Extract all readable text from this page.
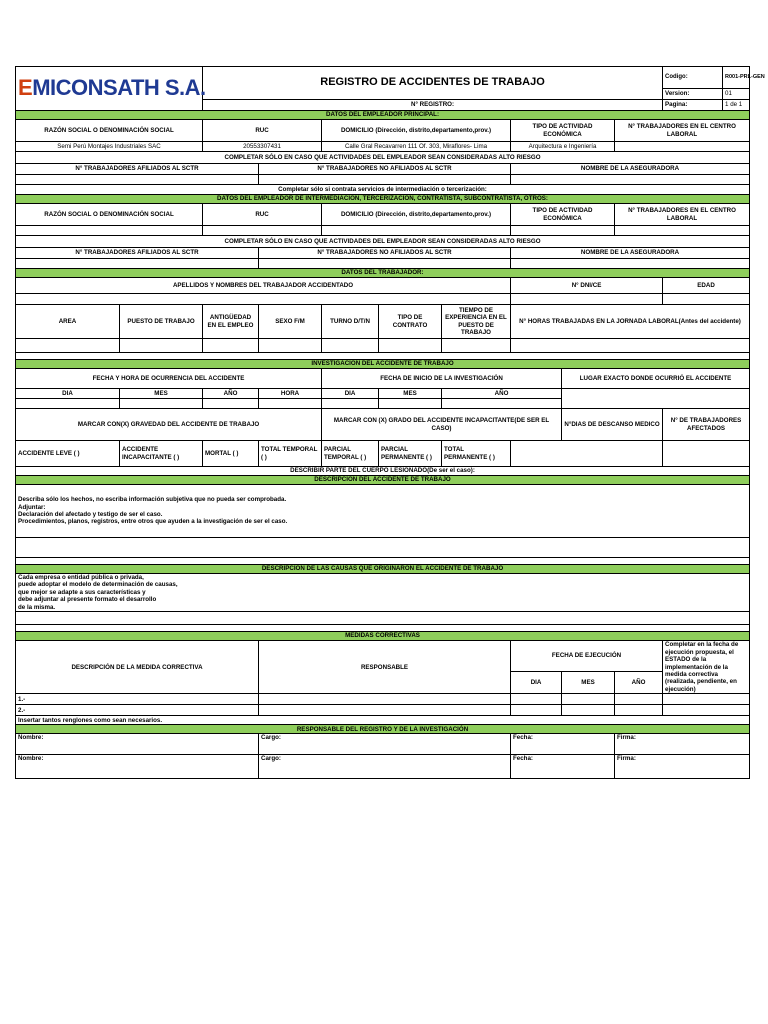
EMICONSATH S.A.		REGISTRO DE ACCIDENTES DE TRABAJO								Codigo:	R001-PRL-GEN
										Version:	01
		N° REGISTRO:								Pagina:	1 de 1
DATOS DEL EMPLEADOR PRINCIPAL:											
RAZÓN SOCIAL O DENOMINACIÓN SOCIAL		RUC		DOMICILIO (Dirección, distrito,departamento,prov.)			TIPO DE ACTIVIDAD ECONÓMICA		N° TRABAJADORES EN EL CENTRO LABORAL		
Semi Perú Montajes Industriales SAC		20553307431		Calle Gral Recavarren 111 Of. 303, Miraflores- Lima			Arquitectura e Ingeniería				
COMPLETAR SÓLO EN CASO QUE ACTIVIDADES DEL EMPLEADOR SEAN CONSIDERADAS ALTO RIESGO											
N° TRABAJADORES AFILIADOS AL SCTR			N° TRABAJADORES NO AFILIADOS AL SCTR				NOMBRE DE LA ASEGURADORA				

Completar sólo si contrata servicios de intermediación o tercerización:											
DATOS DEL EMPLEADOR DE INTERMEDIACIÓN, TERCERIZACIÓN, CONTRATISTA, SUBCONTRATISTA, OTROS:											
RAZÓN SOCIAL O DENOMINACIÓN SOCIAL		RUC		DOMICILIO (Dirección, distrito,departamento,prov.)			TIPO DE ACTIVIDAD ECONÓMICA		N° TRABAJADORES EN EL CENTRO LABORAL		

COMPLETAR SÓLO EN CASO QUE ACTIVIDADES DEL EMPLEADOR SEAN CONSIDERADAS ALTO RIESGO											
N° TRABAJADORES AFILIADOS AL SCTR			N° TRABAJADORES NO AFILIADOS AL SCTR				NOMBRE DE LA ASEGURADORA				

DATOS DEL TRABAJADOR:											
APELLIDOS Y NOMBRES DEL TRABAJADOR ACCIDENTADO							N° DNI/CE			EDAD	

AREA	PUESTO DE TRABAJO	ANTIGÜEDAD EN EL EMPLEO	SEXO F/M	TURNO D/T/N	TIPO DE CONTRATO	TIEMPO DE EXPERIENCIA EN EL PUESTO DE TRABAJO	N° HORAS TRABAJADAS EN LA JORNADA LABORAL(Antes del accidente)				

INVESTIGACION DEL ACCIDENTE DE TRABAJO											
FECHA Y HORA DE OCURRENCIA DEL ACCIDENTE				FECHA DE INICIO DE LA INVESTIGACIÓN				LUGAR EXACTO DONDE OCURRIÓ EL ACCIDENTE			
DIA	MES	AÑO	HORA	DIA	MES	AÑO					

MARCAR CON(X) GRAVEDAD DEL ACCIDENTE DE TRABAJO				MARCAR CON (X) GRADO DEL ACCIDENTE INCAPACITANTE(DE SER EL CASO)				N°DIAS DE DESCANSO MEDICO		N° DE TRABAJADORES AFECTADOS	
ACCIDENTE LEVE ( )	ACCIDENTE INCAPACITANTE ( )	MORTAL ( )	TOTAL TEMPORAL ( )	PARCIAL TEMPORAL ( )	PARCIAL PERMANENTE ( )	TOTAL PERMANENTE ( )					
DESCRIBIR PARTE DEL CUERPO LESIONADO(De ser el caso):											
DESCRIPCIÓN DEL ACCIDENTE DE TRABAJO											

Describa sólo los hechos, no escriba información subjetiva que no pueda ser comprobada.
Adjuntar:
Declaración del afectado y testigo de ser el caso.
Procedimientos, planos, registros, entre otros que ayuden a la investigación de ser el caso.											

DESCRIPCIÓN DE LAS CAUSAS QUE ORIGINARON EL ACCIDENTE DE TRABAJO											

Cada empresa o entidad pública o privada,
puede adoptar el modelo de determinación de causas,
que mejor se adapte a sus características y
debe adjuntar al presente formato el desarrollo
de la misma.											

MEDIDAS CORRECTIVAS											
DESCRIPCIÓN DE LA MEDIDA CORRECTIVA			RESPONSABLE				FECHA DE EJECUCIÓN			Completar en la fecha de ejecución propuesta, el ESTADO de la implementación de la medida correctiva (realizada, pendiente, en ejecución)	
							DIA	MES	AÑO		
1.-											
2.-											
Insertar tantos renglones como sean necesarios.											
RESPONSABLE DEL REGISTRO Y DE LA INVESTIGACIÓN											
Nombre:			Cargo:				Fecha:		Firma:		
Nombre:			Cargo:				Fecha:		Firma:		
